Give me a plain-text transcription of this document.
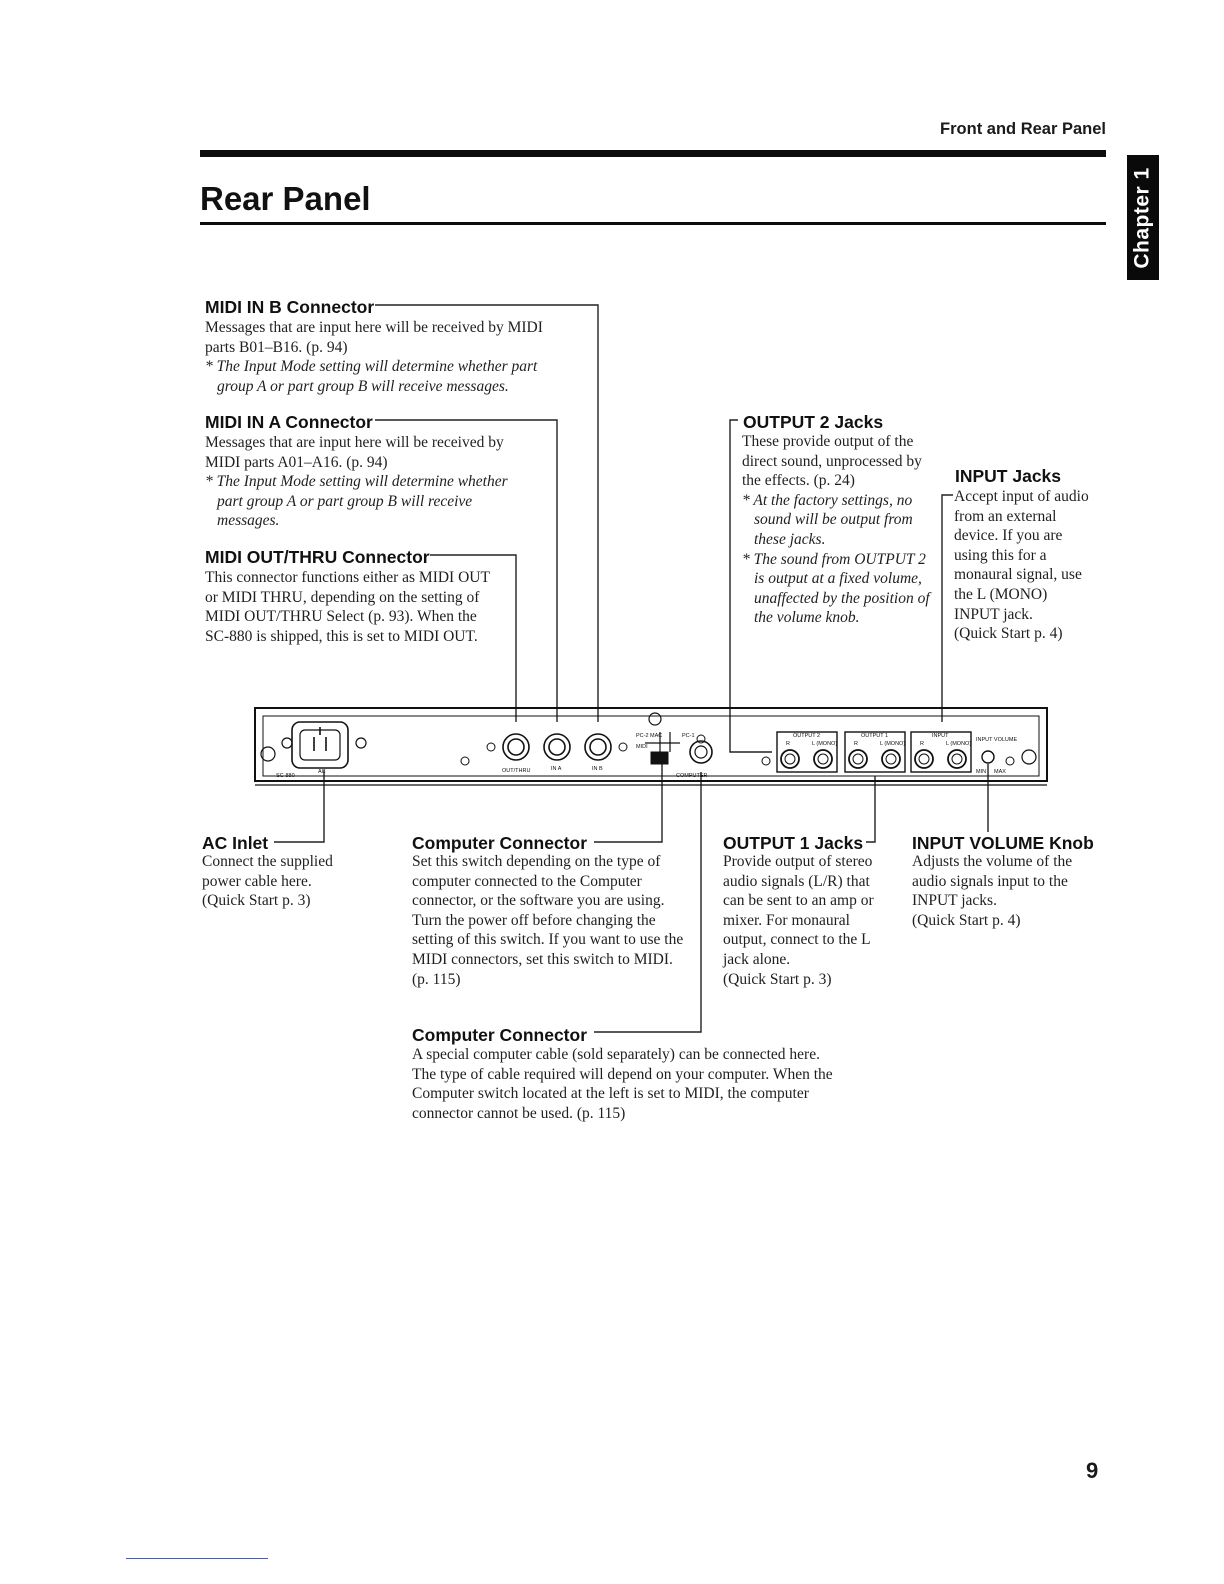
Front and Rear Panel
Rear Panel	Chapter 1
MIDI IN B Connector

Messages that are input here will be received by MIDI parts B01–B16. (p. 94)

* The Input Mode setting will determine whether part group A or part group B will receive messages.

MIDI IN A Connector

Messages that are input here will be received by MIDI parts A01–A16. (p. 94)

* The Input Mode setting will determine whether part group A or part group B will receive messages.

MIDI OUT/THRU Connector

This connector functions either as MIDI OUT or MIDI THRU, depending on the setting of MIDI OUT/THRU Select (p. 93). When the SC-880 is shipped, this is set to MIDI OUT.

OUTPUT 2 Jacks

These provide output of the direct sound, unprocessed by the effects. (p. 24)

* At the factory settings, no sound will be output from these jacks.

* The sound from OUTPUT 2 is output at a fixed volume, unaffected by the position of the volume knob.

INPUT Jacks

Accept input of audio from an external device. If you are using this for a monaural signal, use the L (MONO) INPUT jack.

(Quick Start p. 4)

SC-880
AC	OUT/THRU	IN A	IN B
PC-2 MAC
MIDI
PC-1
COMPUTER
OUTPUT 2	OUTPUT 1	INPUT
R	L (MONO)	R	L (MONO)	R	L (MONO)
INPUT VOLUME
MIN MAX
AC Inlet

Connect the supplied power cable here.

(Quick Start p. 3)

Computer Connector

Set this switch depending on the type of computer connected to the Computer connector, or the software you are using. Turn the power off before changing the setting of this switch. If you want to use the MIDI connectors, set this switch to MIDI.

(p. 115)

OUTPUT 1 Jacks

Provide output of stereo audio signals (L/R) that can be sent to an amp or mixer. For monaural output, connect to the L jack alone.

(Quick Start p. 3)

INPUT VOLUME Knob

Adjusts the volume of the audio signals input to the INPUT jacks.

(Quick Start p. 4)

Computer Connector

A special computer cable (sold separately) can be connected here. The type of cable required will depend on your computer. When the Computer switch located at the left is set to MIDI, the computer connector cannot be used. (p. 115)

9
